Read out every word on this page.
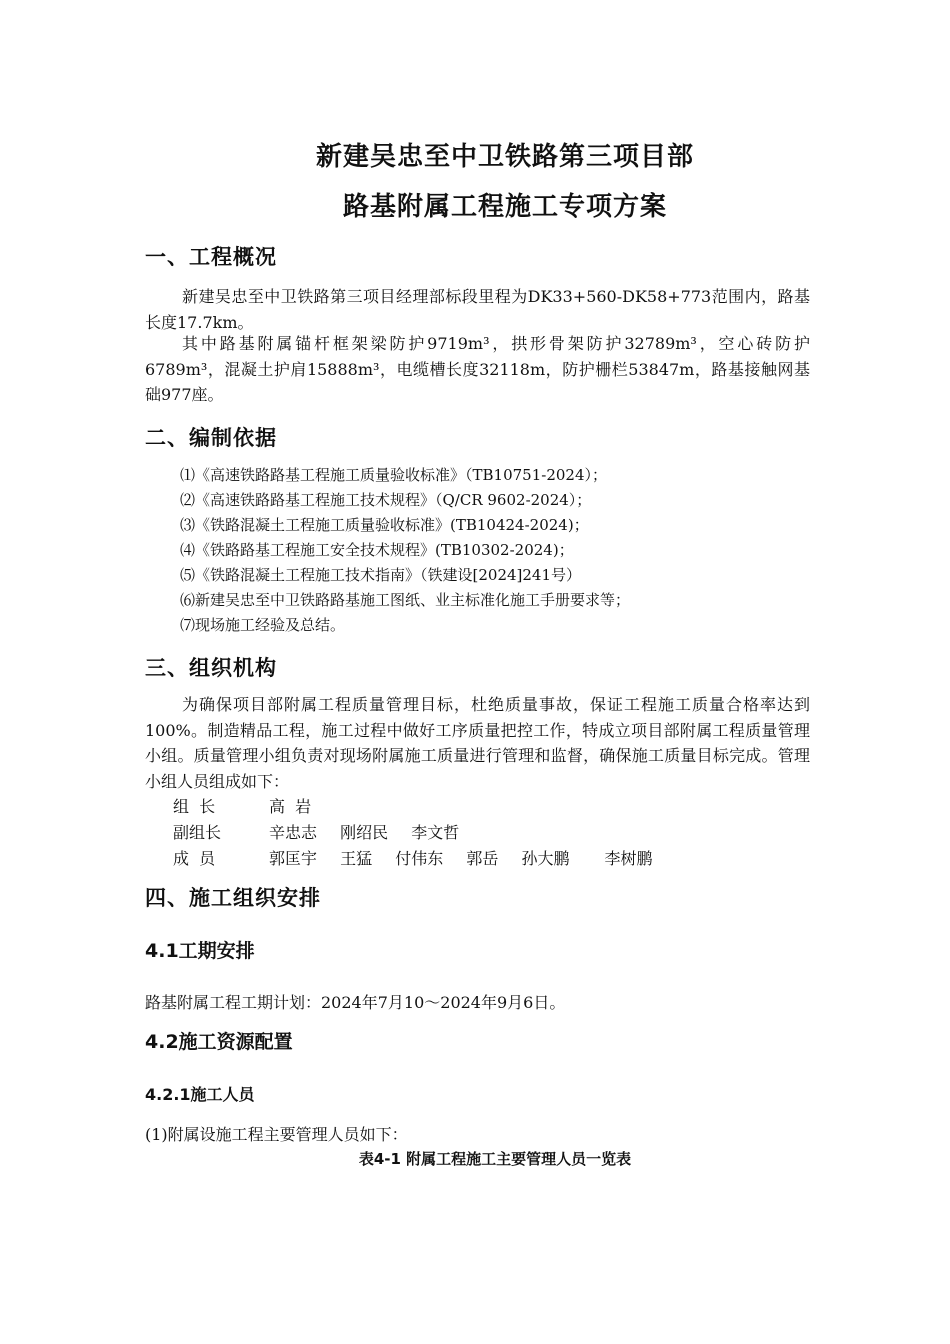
新建吴忠至中卫铁路第三项目部
路基附属工程施工专项方案
一、工程概况
新建吴忠至中卫铁路第三项目经理部标段里程为DK33+560-DK58+773范围内，路基长度17.7km。
其中路基附属锚杆框架梁防护9719m³，拱形骨架防护32789m³，空心砖防护6789m³，混凝土护肩15888m³，电缆槽长度32118m，防护栅栏53847m，路基接触网基础977座。
二、编制依据
⑴《高速铁路路基工程施工质量验收标准》（TB10751-2024）；
⑵《高速铁路路基工程施工技术规程》（Q/CR 9602-2024）；
⑶《铁路混凝土工程施工质量验收标准》(TB10424-2024)；
⑷《铁路路基工程施工安全技术规程》(TB10302-2024)；
⑸《铁路混凝土工程施工技术指南》（铁建设[2024]241号）
⑹新建吴忠至中卫铁路路基施工图纸、业主标准化施工手册要求等；
⑺现场施工经验及总结。
三、组织机构
为确保项目部附属工程质量管理目标，杜绝质量事故，保证工程施工质量合格率达到100%。制造精品工程，施工过程中做好工序质量把控工作，特成立项目部附属工程质量管理小组。质量管理小组负责对现场附属施工质量进行管理和监督，确保施工质量目标完成。管理小组人员组成如下：
组  长	高  岩
副组长	辛忠志 刚绍民 李文哲
成  员	郭匡宇 王猛 付伟东 郭岳 孙大鹏 李树鹏
四、施工组织安排
4.1工期安排
路基附属工程工期计划：2024年7月10～2024年9月6日。
4.2施工资源配置
4.2.1施工人员
(1)附属设施工程主要管理人员如下：
表4-1 附属工程施工主要管理人员一览表
